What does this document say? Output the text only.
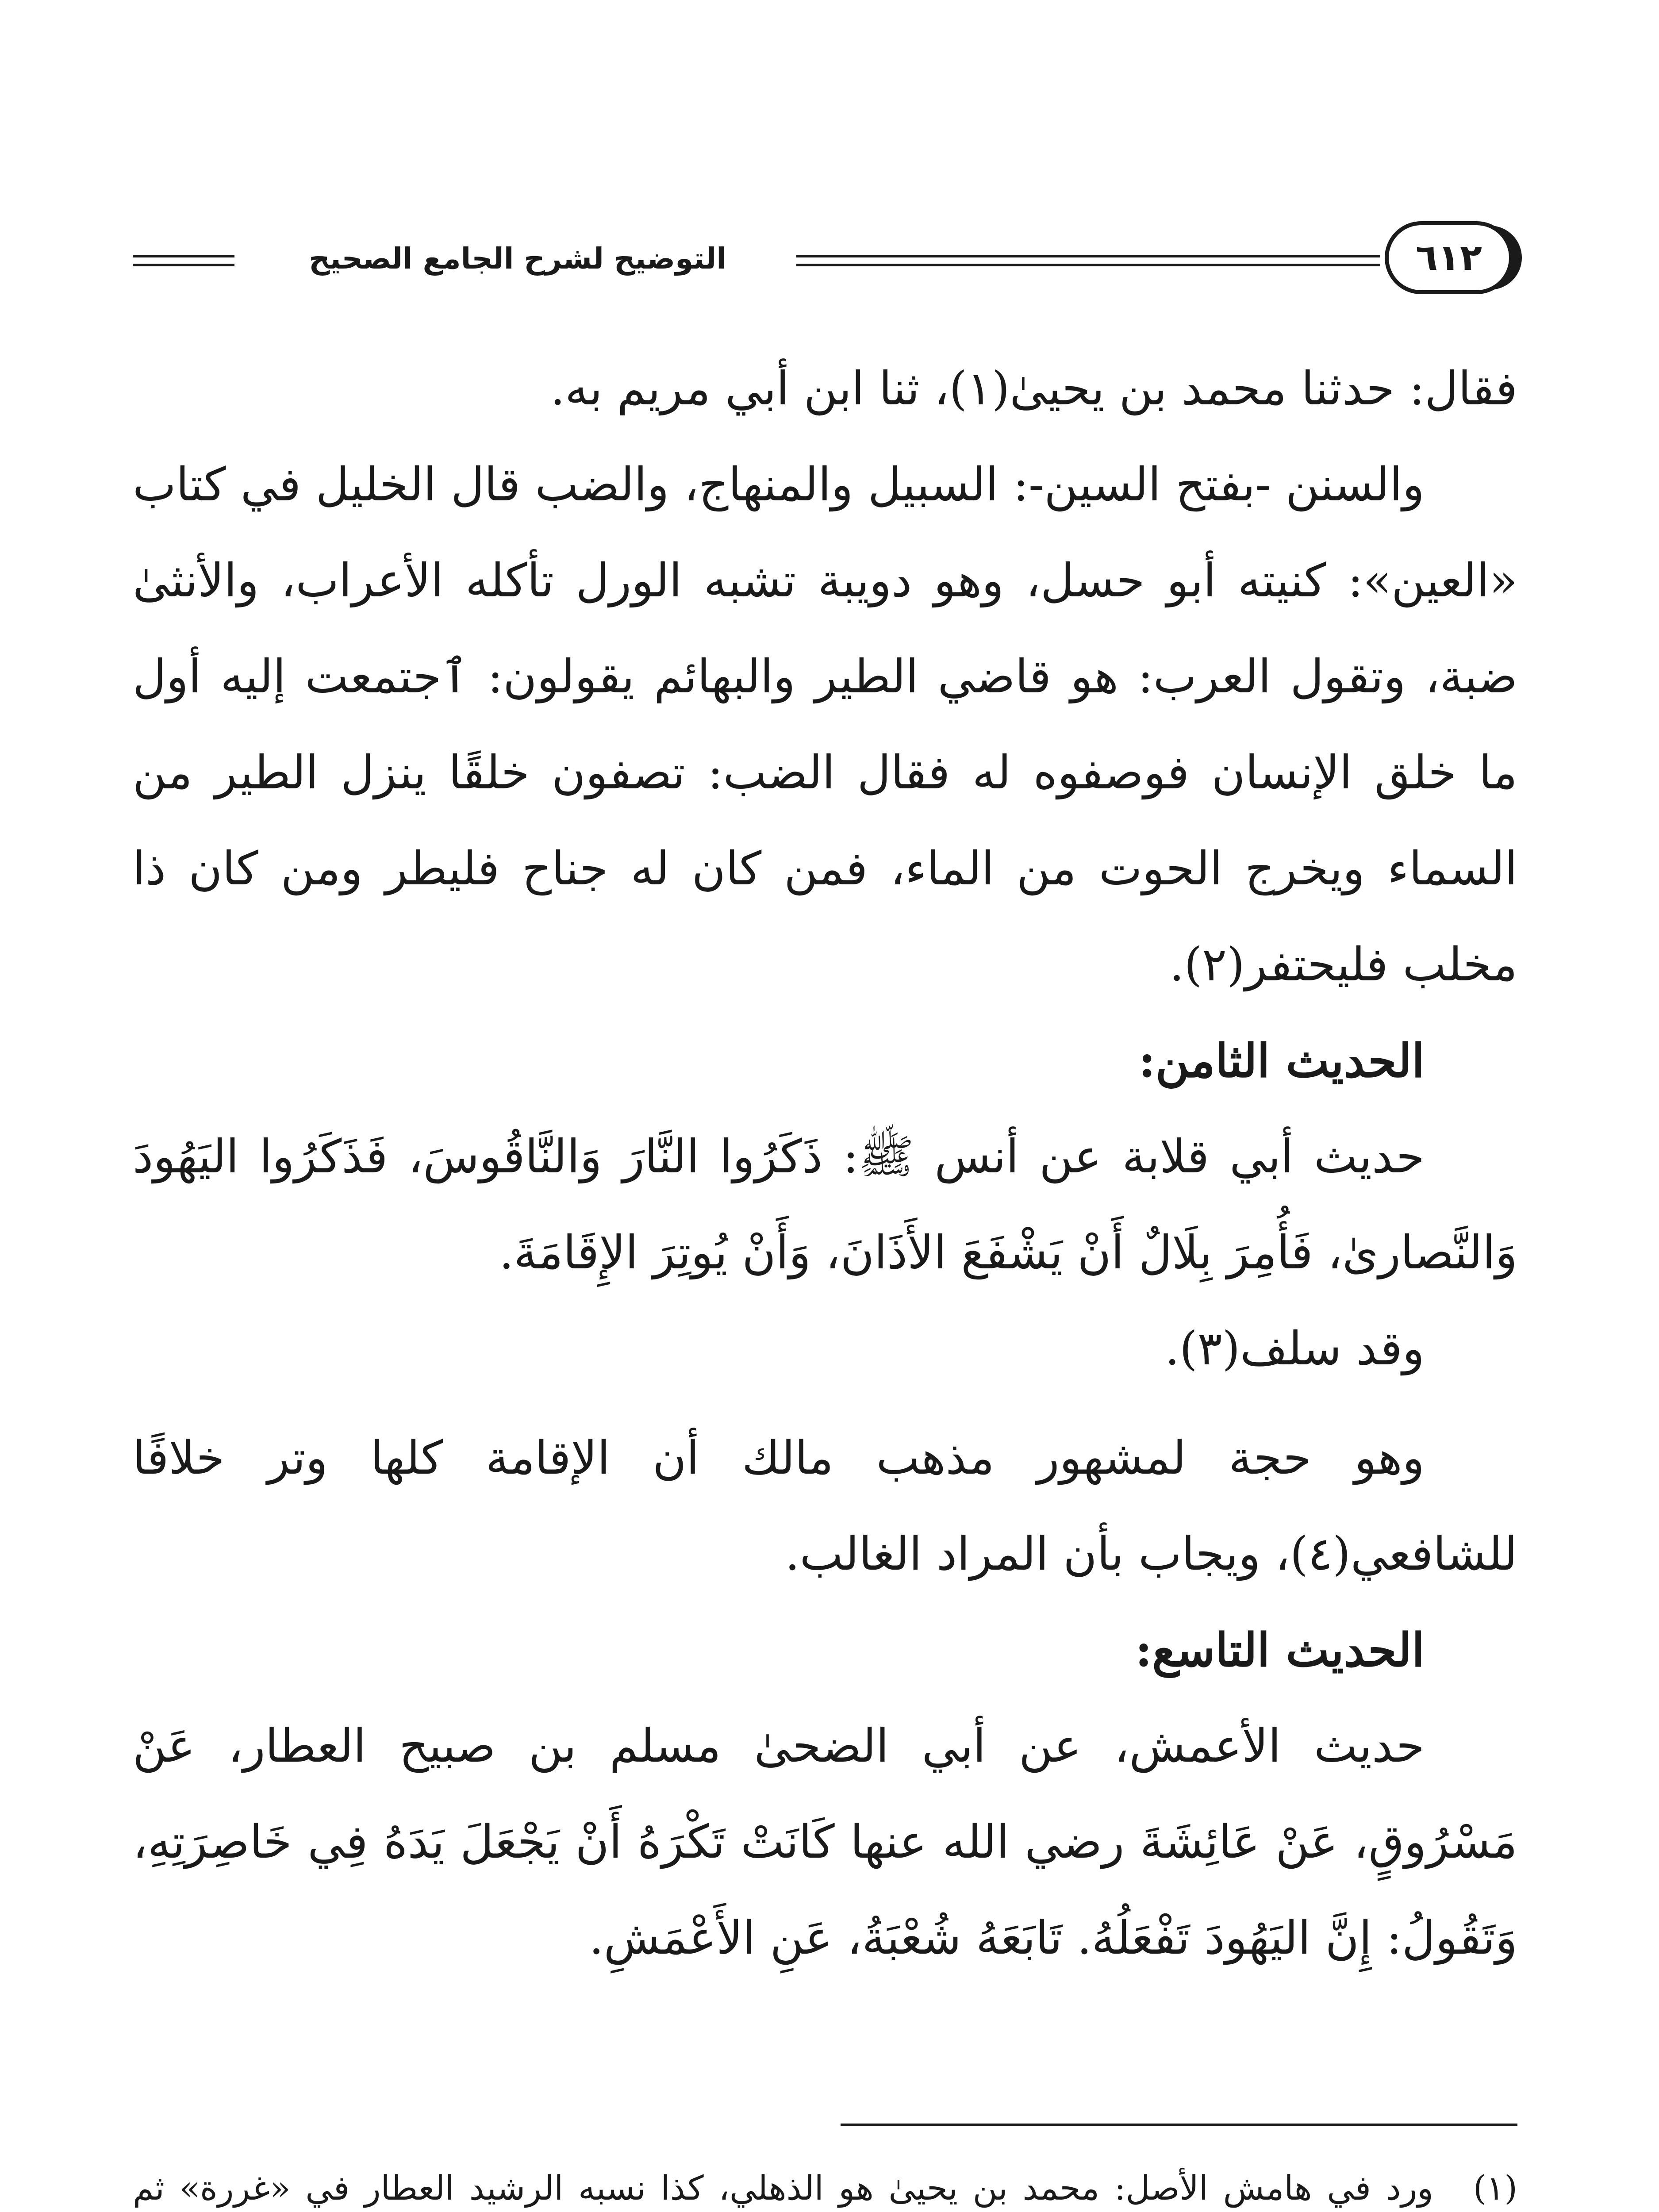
التوضيح لشرح الجامع الصحيح	٦١٢

فقال: حدثنا محمد بن يحيىٰ(١)، ثنا ابن أبي مريم به.

والسنن -بفتح السين-: السبيل والمنهاج، والضب قال الخليل في كتاب «العين»: كنيته أبو حسل، وهو دويبة تشبه الورل تأكله الأعراب، والأنثىٰ ضبة، وتقول العرب: هو قاضي الطير والبهائم يقولون: ٱجتمعت إليه أول ما خلق الإنسان فوصفوه له فقال الضب: تصفون خلقًا ينزل الطير من السماء ويخرج الحوت من الماء، فمن كان له جناح فليطر ومن كان ذا مخلب فليحتفر(٢).

الحديث الثامن:

حديث أبي قلابة عن أنس ﷺ: ذَكَرُوا النَّارَ وَالنَّاقُوسَ، فَذَكَرُوا اليَهُودَ وَالنَّصارىٰ، فَأُمِرَ بِلَالٌ أَنْ يَشْفَعَ الأَذَانَ، وَأَنْ يُوتِرَ الإِقَامَةَ.

وقد سلف(٣).

وهو حجة لمشهور مذهب مالك أن الإقامة كلها وتر خلافًا للشافعي(٤)، ويجاب بأن المراد الغالب.

الحديث التاسع:

حديث الأعمش، عن أبي الضحىٰ مسلم بن صبيح العطار، عَنْ مَسْرُوقٍ، عَنْ عَائِشَةَ رضي الله عنها كَانَتْ تَكْرَهُ أَنْ يَجْعَلَ يَدَهُ فِي خَاصِرَتِهِ، وَتَقُولُ: إِنَّ اليَهُودَ تَفْعَلُهُ. تَابَعَهُ شُعْبَةُ، عَنِ الأَعْمَشِ.

(١)
ورد في هامش الأصل: محمد بن يحيىٰ هو الذهلي، كذا نسبه الرشيد العطار في «غررة» ثم
